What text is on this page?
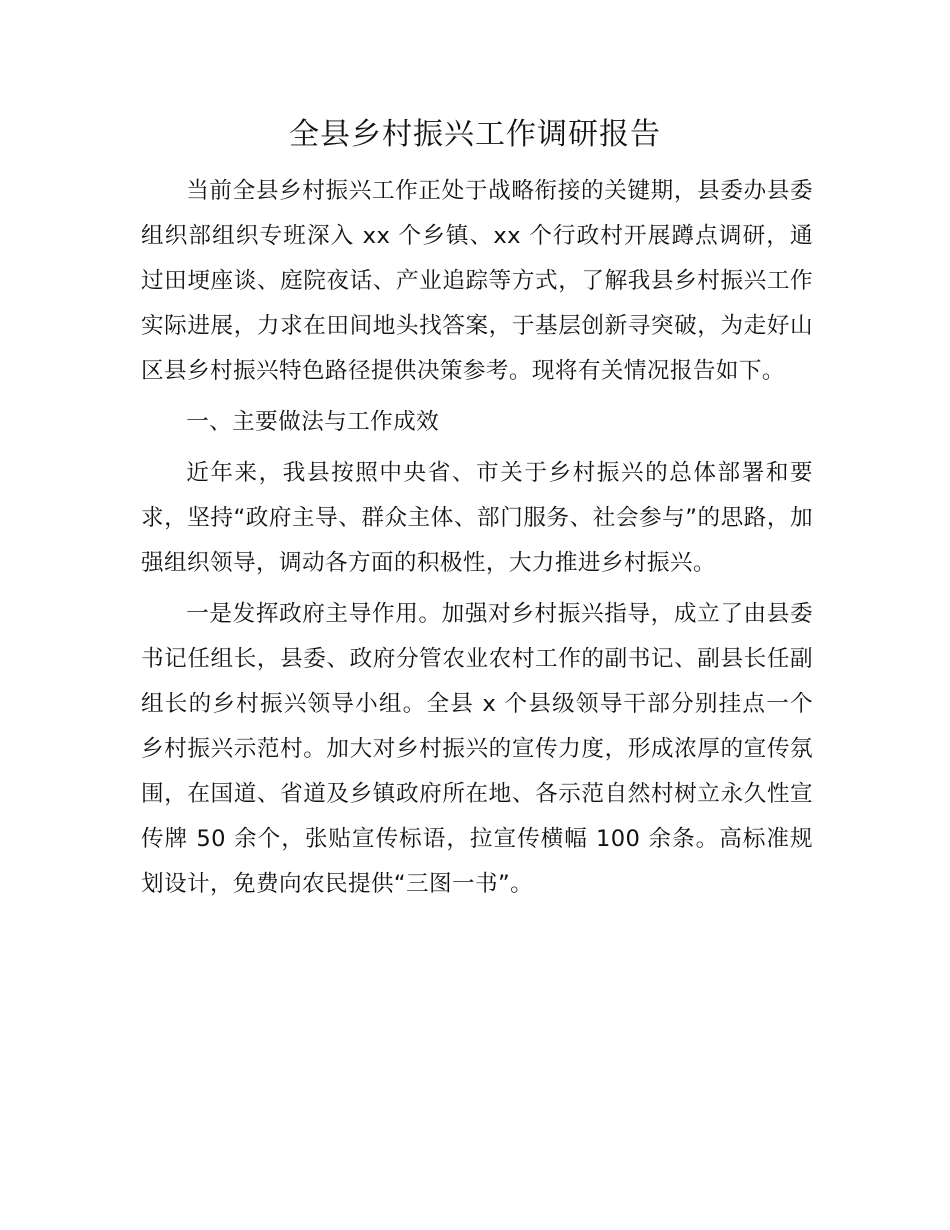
全县乡村振兴工作调研报告

当前全县乡村振兴工作正处于战略衔接的关键期，县委办县委组织部组织专班深入 xx 个乡镇、xx 个行政村开展蹲点调研，通过田埂座谈、庭院夜话、产业追踪等方式，了解我县乡村振兴工作实际进展，力求在田间地头找答案，于基层创新寻突破，为走好山区县乡村振兴特色路径提供决策参考。现将有关情况报告如下。

一、主要做法与工作成效

近年来，我县按照中央省、市关于乡村振兴的总体部署和要求，坚持“政府主导、群众主体、部门服务、社会参与”的思路，加强组织领导，调动各方面的积极性，大力推进乡村振兴。

一是发挥政府主导作用。加强对乡村振兴指导，成立了由县委书记任组长，县委、政府分管农业农村工作的副书记、副县长任副组长的乡村振兴领导小组。全县 x 个县级领导干部分别挂点一个乡村振兴示范村。加大对乡村振兴的宣传力度，形成浓厚的宣传氛围，在国道、省道及乡镇政府所在地、各示范自然村树立永久性宣传牌 50 余个，张贴宣传标语，拉宣传横幅 100 余条。高标准规划设计，免费向农民提供“三图一书”。
